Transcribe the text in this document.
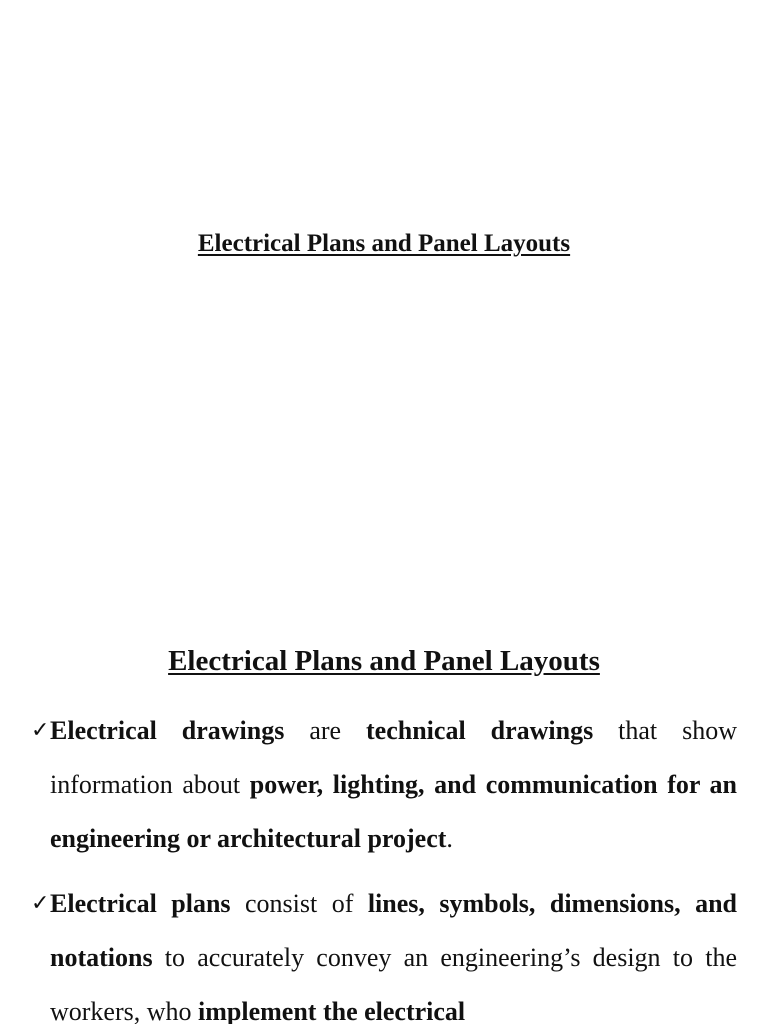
Electrical Plans and Panel Layouts
Electrical Plans and Panel Layouts
✓ Electrical drawings are technical drawings that show information about power, lighting, and communication for an engineering or architectural project.
✓ Electrical plans consist of lines, symbols, dimensions, and notations to accurately convey an engineering’s design to the workers, who implement the electrical
